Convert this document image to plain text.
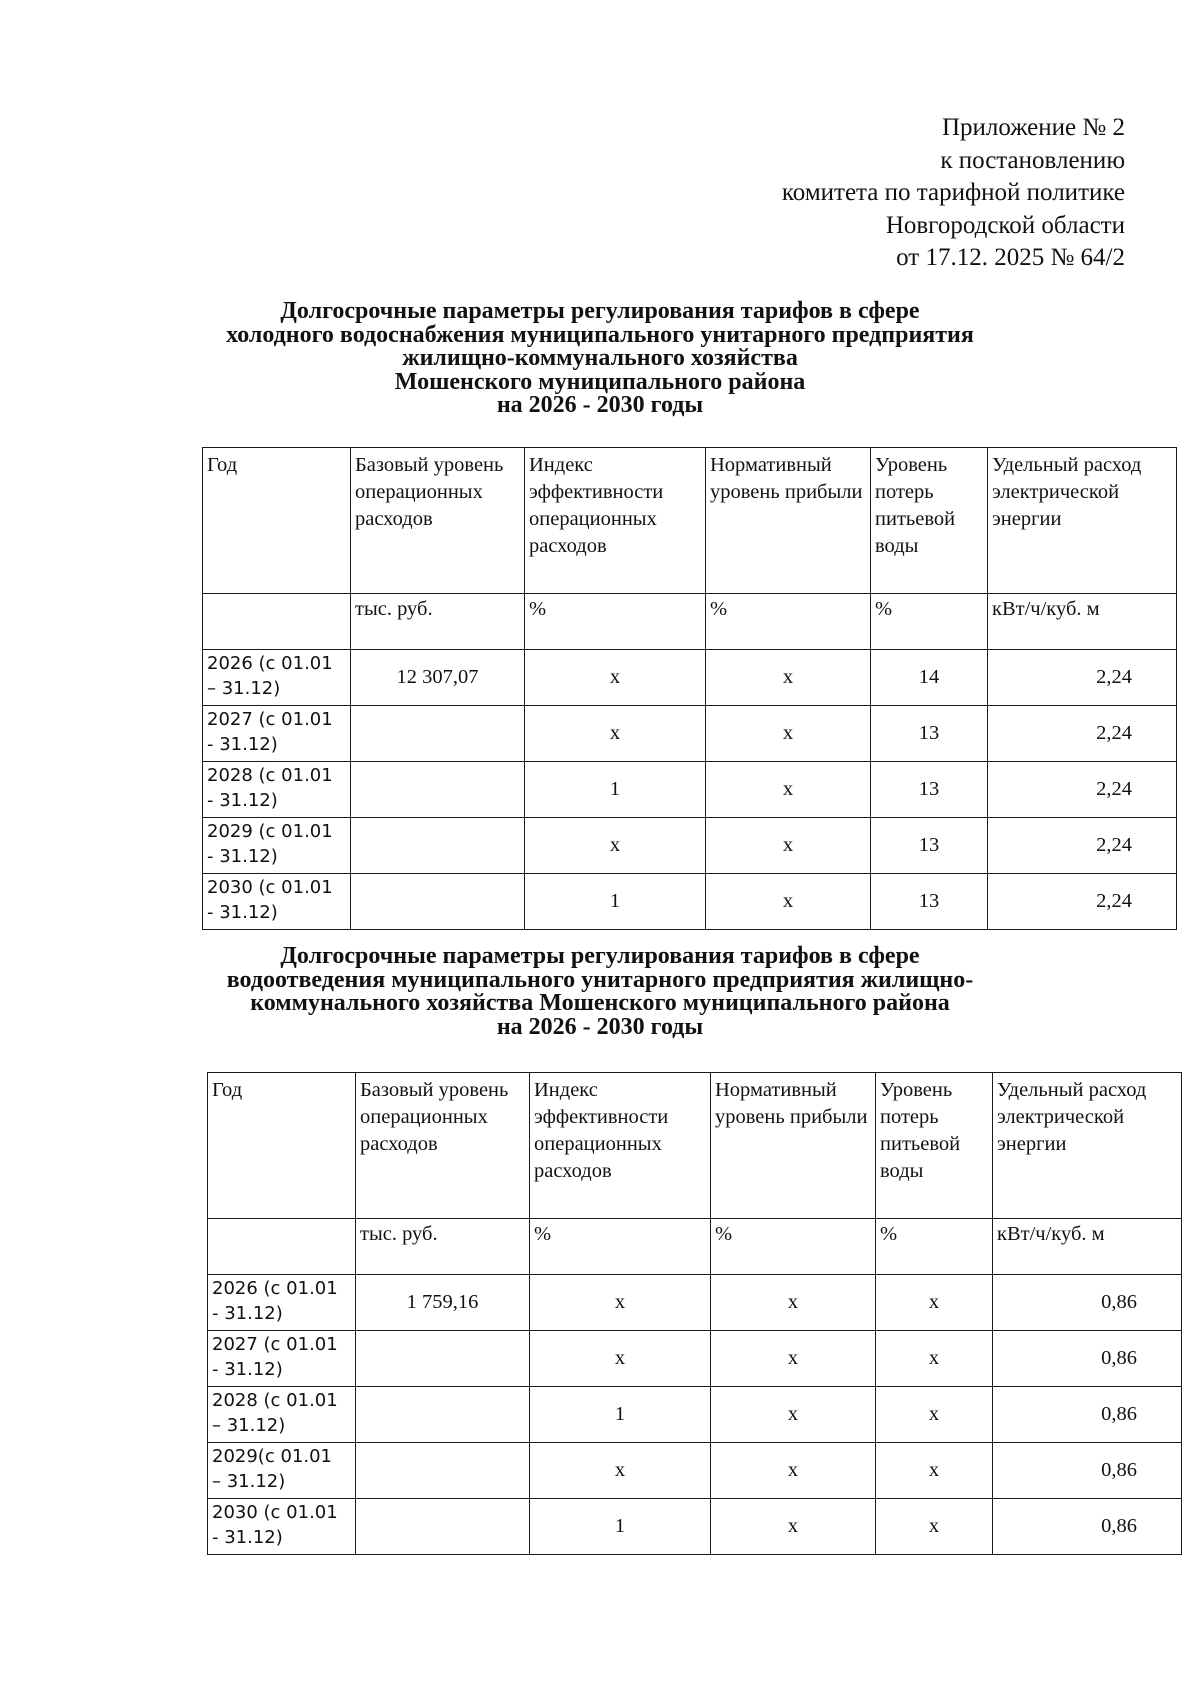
Приложение № 2
к постановлению
комитета по тарифной политике
Новгородской области
от 17.12. 2025 № 64/2
Долгосрочные параметры регулирования тарифов в сфере
холодного водоснабжения муниципального унитарного предприятия
жилищно-коммунального хозяйства
Мошенского муниципального района
на 2026 - 2030 годы
Год	Базовый уровень операционных расходов	Индекс эффективности операционных расходов	Нормативный уровень прибыли	Уровень потерь питьевой воды	Удельный расход электрической энергии
	тыс. руб.	%	%	%	кВт/ч/куб. м
2026 (с 01.01
– 31.12)	12 307,07	x	x	14	2,24
2027 (с 01.01
- 31.12)		x	x	13	2,24
2028 (с 01.01
- 31.12)		1	x	13	2,24
2029 (с 01.01
- 31.12)		x	x	13	2,24
2030 (с 01.01
- 31.12)		1	x	13	2,24
Долгосрочные параметры регулирования тарифов в сфере
водоотведения муниципального унитарного предприятия жилищно-
коммунального хозяйства Мошенского муниципального района
на 2026 - 2030 годы
Год	Базовый уровень операционных расходов	Индекс эффективности операционных расходов	Нормативный уровень прибыли	Уровень потерь питьевой воды	Удельный расход электрической энергии
	тыс. руб.	%	%	%	кВт/ч/куб. м
2026 (с 01.01
- 31.12)	1 759,16	x	x	x	0,86
2027 (с 01.01
- 31.12)		x	x	x	0,86
2028 (с 01.01
– 31.12)		1	x	x	0,86
2029(с 01.01
– 31.12)		x	x	x	0,86
2030 (с 01.01
- 31.12)		1	x	x	0,86
